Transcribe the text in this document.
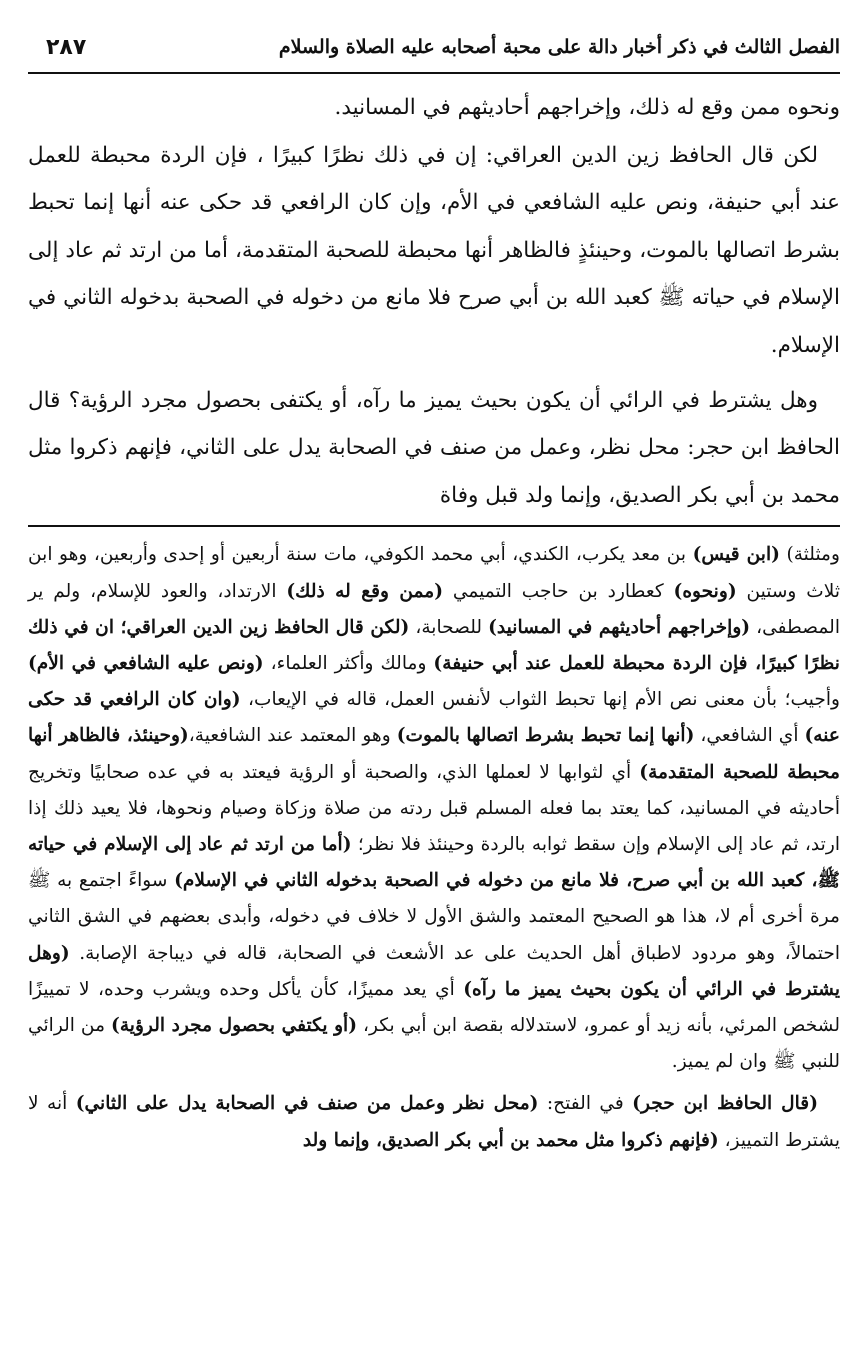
الفصل الثالث في ذكر أخبار دالة على محبة أصحابه عليه الصلاة والسلام
٢٨٧

ونحوه ممن وقع له ذلك، وإخراجهم أحاديثهم في المسانيد.

لكن قال الحافظ زين الدين العراقي: إن في ذلك نظرًا كبيرًا ، فإن الردة محبطة للعمل عند أبي حنيفة، ونص عليه الشافعي في الأم، وإن كان الرافعي قد حكى عنه أنها إنما تحبط بشرط اتصالها بالموت، وحينئذٍ فالظاهر أنها محبطة للصحبة المتقدمة، أما من ارتد ثم عاد إلى الإسلام في حياته ﷺ كعبد الله بن أبي صرح فلا مانع من دخوله في الصحبة بدخوله الثاني في الإسلام.

وهل يشترط في الرائي أن يكون بحيث يميز ما رآه، أو يكتفى بحصول مجرد الرؤية؟ قال الحافظ ابن حجر: محل نظر، وعمل من صنف في الصحابة يدل على الثاني، فإنهم ذكروا مثل محمد بن أبي بكر الصديق، وإنما ولد قبل وفاة

ومثلثة) (ابن قيس) بن معد يكرب، الكندي، أبي محمد الكوفي، مات سنة أربعين أو إحدى وأربعين، وهو ابن ثلاث وستين (ونحوه) كعطارد بن حاجب التميمي (ممن وقع له ذلك) الارتداد، والعود للإسلام، ولم ير المصطفى، (وإخراجهم أحاديثهم في المسانيد) للصحابة، (لكن قال الحافظ زين الدين العراقي؛ ان في ذلك نظرًا كبيرًا، فإن الردة محبطة للعمل عند أبي حنيفة) ومالك وأكثر العلماء، (ونص عليه الشافعي في الأم) وأجيب؛ بأن معنى نص الأم إنها تحبط الثواب لأنفس العمل، قاله في الإيعاب، (وان كان الرافعي قد حكى عنه) أي الشافعي، (أنها إنما تحبط بشرط اتصالها بالموت) وهو المعتمد عند الشافعية،(وحينئذ، فالظاهر أنها محبطة للصحبة المتقدمة) أي لثوابها لا لعملها الذي، والصحبة أو الرؤية فيعتد به في عده صحابيًا وتخريج أحاديثه في المسانيد، كما يعتد بما فعله المسلم قبل ردته من صلاة وزكاة وصيام ونحوها، فلا يعيد ذلك إذا ارتد، ثم عاد إلى الإسلام وإن سقط ثوابه بالردة وحينئذ فلا نظر؛ (أما من ارتد ثم عاد إلى الإسلام في حياته ﷺ، كعبد الله بن أبي صرح، فلا مانع من دخوله في الصحبة بدخوله الثاني في الإسلام) سواءً اجتمع به ﷺ مرة أخرى أم لا، هذا هو الصحيح المعتمد والشق الأول لا خلاف في دخوله، وأبدى بعضهم في الشق الثاني احتمالاً، وهو مردود لاطباق أهل الحديث على عد الأشعث في الصحابة، قاله في ديباجة الإصابة. (وهل يشترط في الرائي أن يكون بحيث يميز ما رآه) أي يعد مميزًا، كأن يأكل وحده ويشرب وحده، لا تمييزًا لشخص المرئي، بأنه زيد أو عمرو، لاستدلاله بقصة ابن أبي بكر، (أو يكتفي بحصول مجرد الرؤية) من الرائي للنبي ﷺ وان لم يميز.

(قال الحافظ ابن حجر) في الفتح: (محل نظر وعمل من صنف في الصحابة يدل على الثاني) أنه لا يشترط التمييز، (فإنهم ذكروا مثل محمد بن أبي بكر الصديق، وإنما ولد
